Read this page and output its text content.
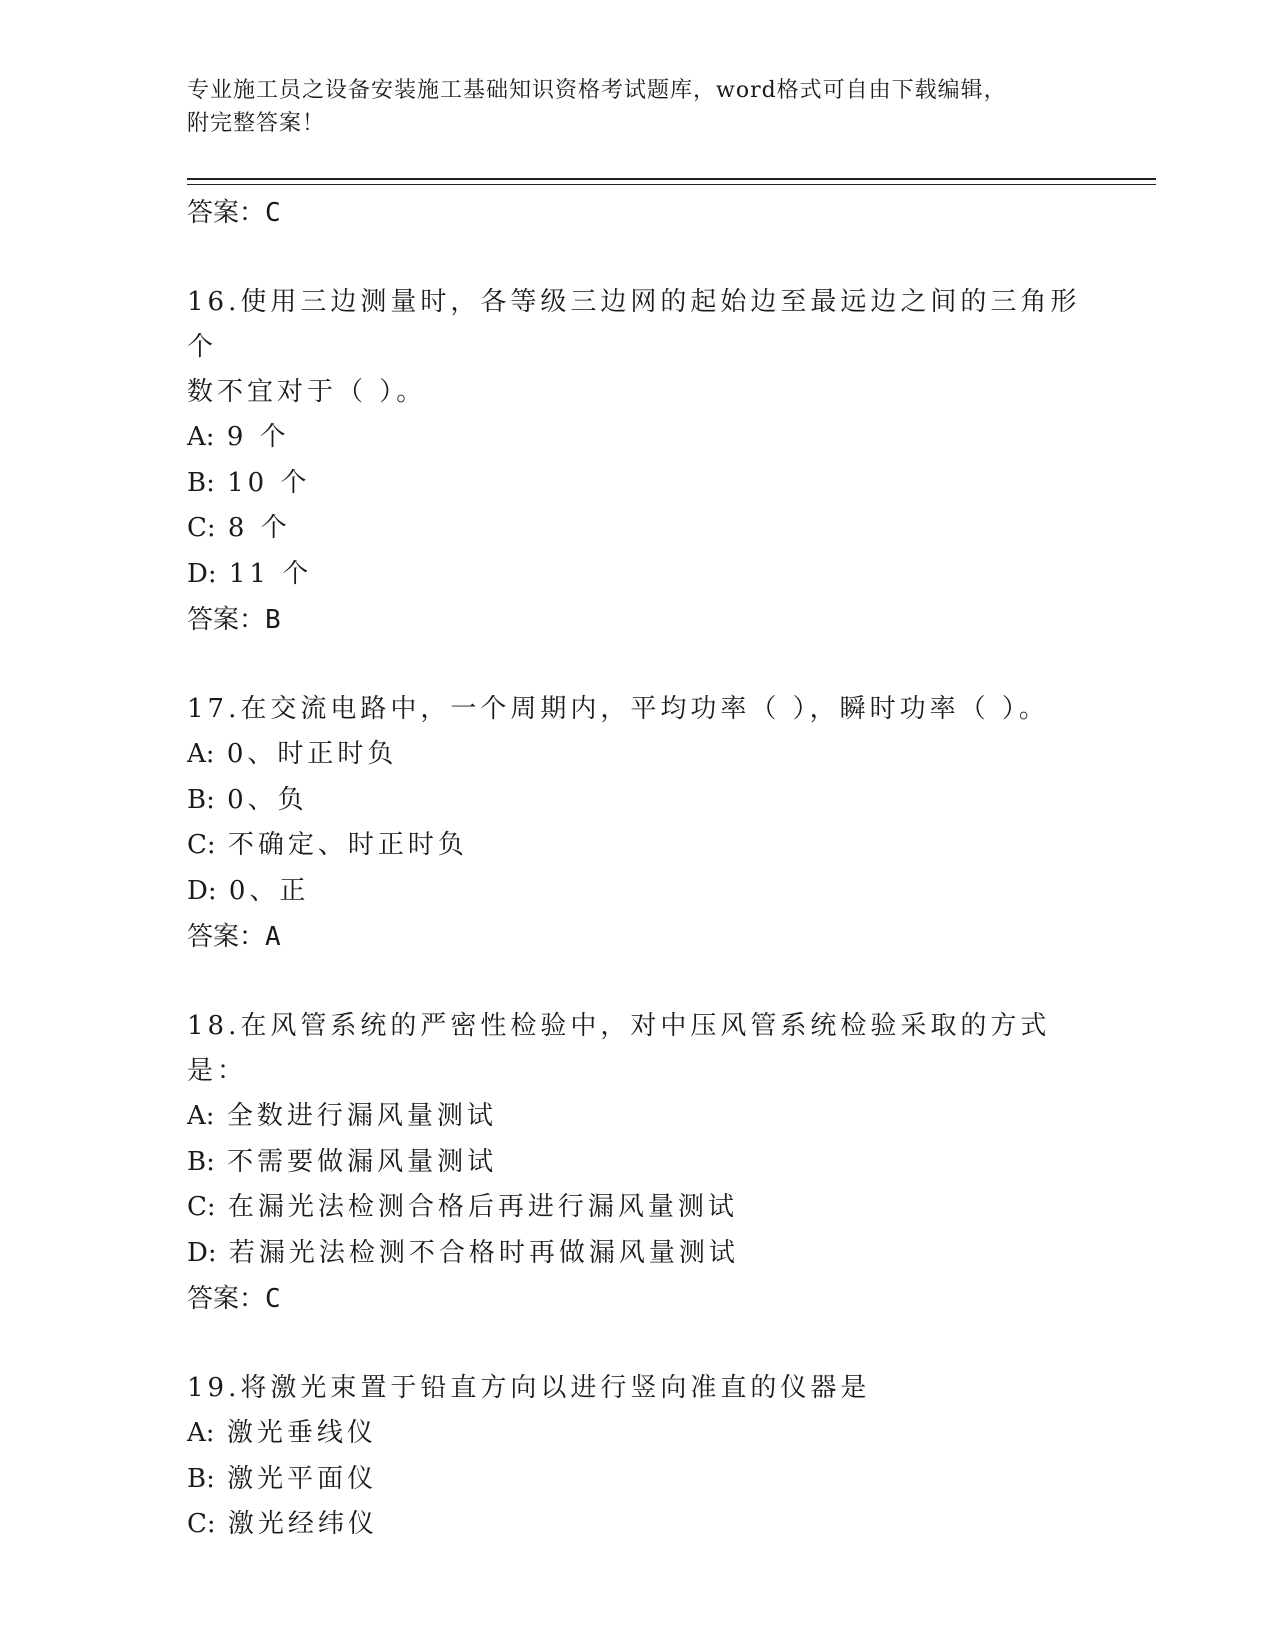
专业施工员之设备安装施工基础知识资格考试题库，word格式可自由下载编辑，
附完整答案！
答案：C
16.使用三边测量时，各等级三边网的起始边至最远边之间的三角形个
数不宜对于（ ）。
A: 9 个
B: 10 个
C: 8 个
D: 11 个
答案：B
17.在交流电路中，一个周期内，平均功率（ ），瞬时功率（ ）。
A: 0、时正时负
B: 0、负
C: 不确定、时正时负
D: 0、正
答案：A
18.在风管系统的严密性检验中，对中压风管系统检验采取的方式是：
A: 全数进行漏风量测试
B: 不需要做漏风量测试
C: 在漏光法检测合格后再进行漏风量测试
D: 若漏光法检测不合格时再做漏风量测试
答案：C
19.将激光束置于铅直方向以进行竖向准直的仪器是
A: 激光垂线仪
B: 激光平面仪
C: 激光经纬仪
